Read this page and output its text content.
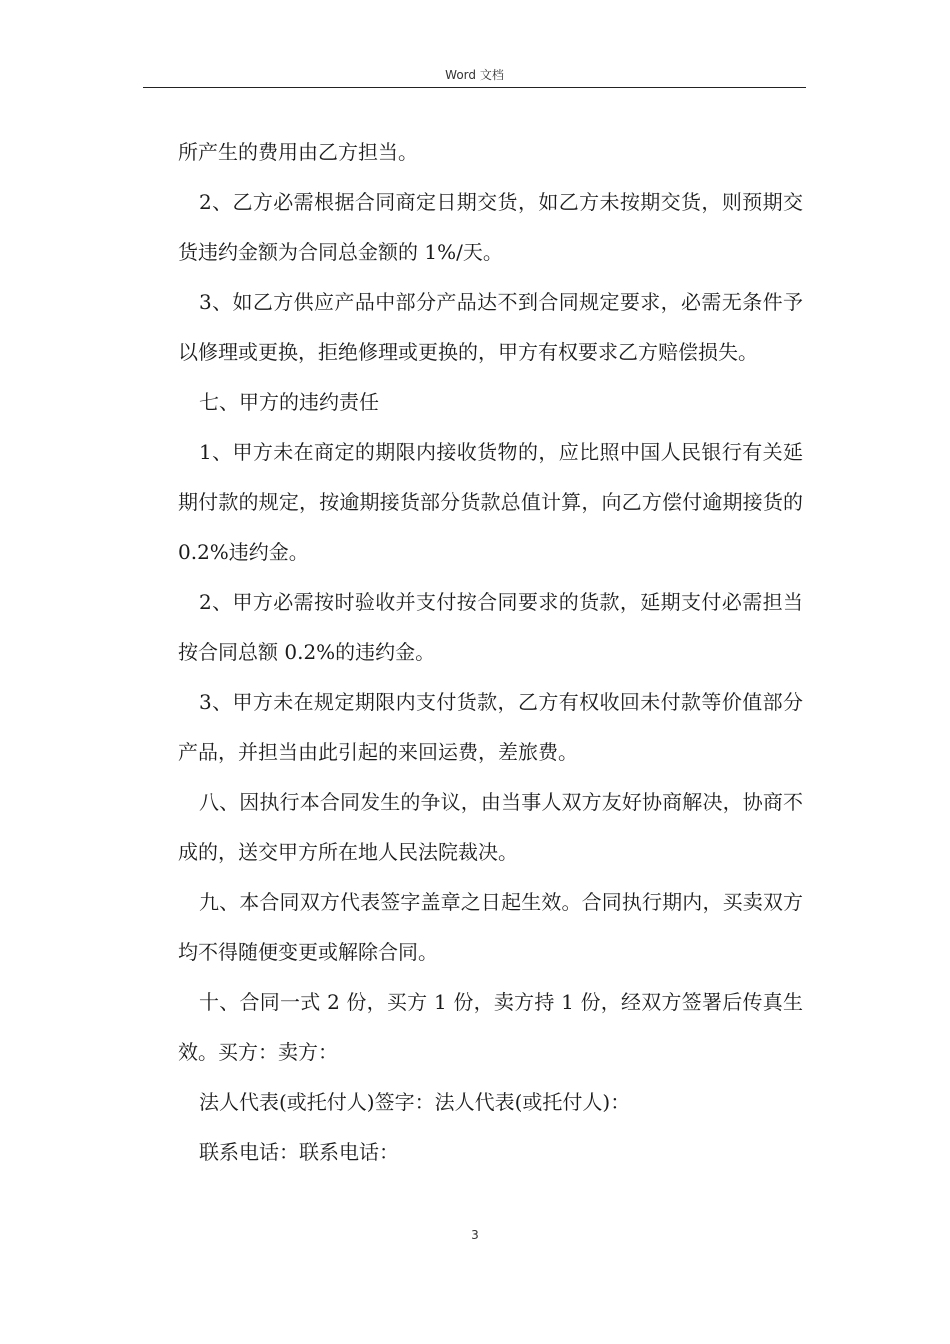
Word 文档

所产生的费用由乙方担当。

2、乙方必需根据合同商定日期交货，如乙方未按期交货，则预期交货违约金额为合同总金额的 1%/天。

3、如乙方供应产品中部分产品达不到合同规定要求，必需无条件予以修理或更换，拒绝修理或更换的，甲方有权要求乙方赔偿损失。

七、甲方的违约责任

1、甲方未在商定的期限内接收货物的，应比照中国人民银行有关延期付款的规定，按逾期接货部分货款总值计算，向乙方偿付逾期接货的 0.2%违约金。

2、甲方必需按时验收并支付按合同要求的货款，延期支付必需担当按合同总额 0.2%的违约金。

3、甲方未在规定期限内支付货款，乙方有权收回未付款等价值部分产品，并担当由此引起的来回运费，差旅费。

八、因执行本合同发生的争议，由当事人双方友好协商解决，协商不成的，送交甲方所在地人民法院裁决。

九、本合同双方代表签字盖章之日起生效。合同执行期内，买卖双方均不得随便变更或解除合同。

十、合同一式 2 份，买方 1 份，卖方持 1 份，经双方签署后传真生效。买方：卖方：

法人代表(或托付人)签字：法人代表(或托付人)：

联系电话：联系电话：

3
